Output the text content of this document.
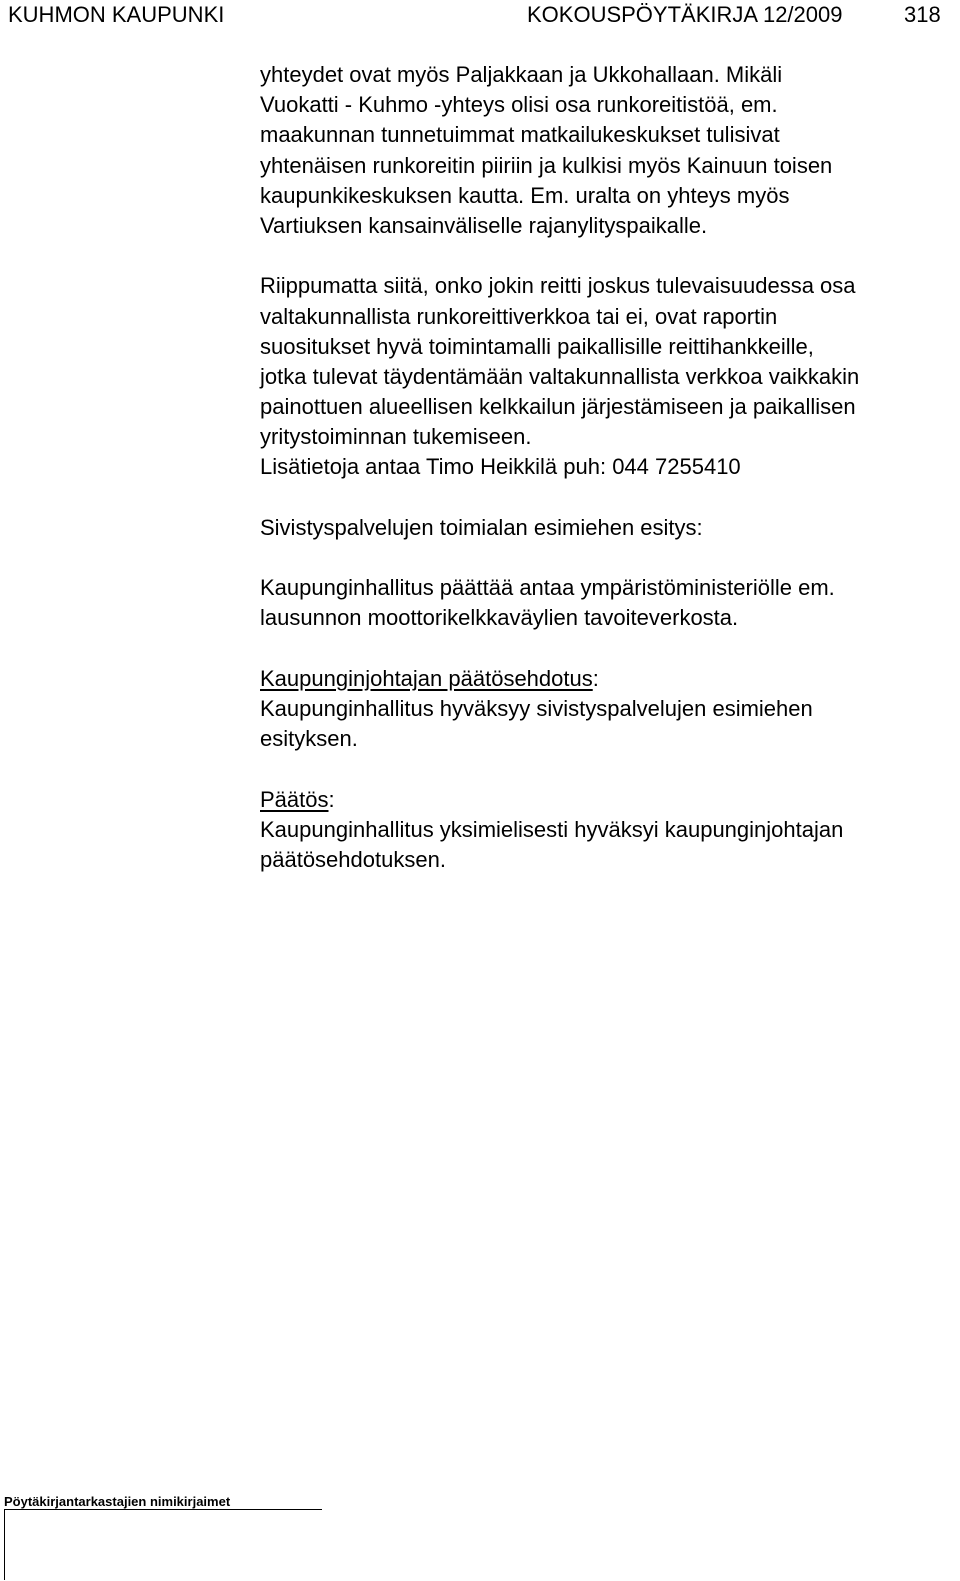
KUHMON KAUPUNKI	KOKOUSPÖYTÄKIRJA 12/2009	318
yhteydet ovat myös Paljakkaan ja Ukkohallaan. Mikäli
Vuokatti - Kuhmo -yhteys olisi osa runkoreitistöä, em.
maakunnan tunnetuimmat matkailukeskukset tulisivat
yhtenäisen runkoreitin piiriin ja kulkisi myös Kainuun toisen
kaupunkikeskuksen kautta. Em. uralta on yhteys myös
Vartiuksen kansainväliselle rajanylityspaikalle.
Riippumatta siitä, onko jokin reitti joskus tulevaisuudessa osa
valtakunnallista runkoreittiverkkoa tai ei, ovat raportin
suositukset hyvä toimintamalli paikallisille reittihankkeille,
jotka tulevat täydentämään valtakunnallista verkkoa vaikkakin
painottuen alueellisen kelkkailun järjestämiseen ja paikallisen
yritystoiminnan tukemiseen.
Lisätietoja antaa Timo Heikkilä puh: 044 7255410
Sivistyspalvelujen toimialan esimiehen esitys:
Kaupunginhallitus päättää antaa ympäristöministeriölle em.
lausunnon moottorikelkkaväylien tavoiteverkosta.
Kaupunginjohtajan päätösehdotus:
Kaupunginhallitus hyväksyy sivistyspalvelujen esimiehen
esityksen.
Päätös:
Kaupunginhallitus yksimielisesti hyväksyi kaupunginjohtajan
päätösehdotuksen.
Pöytäkirjantarkastajien nimikirjaimet
